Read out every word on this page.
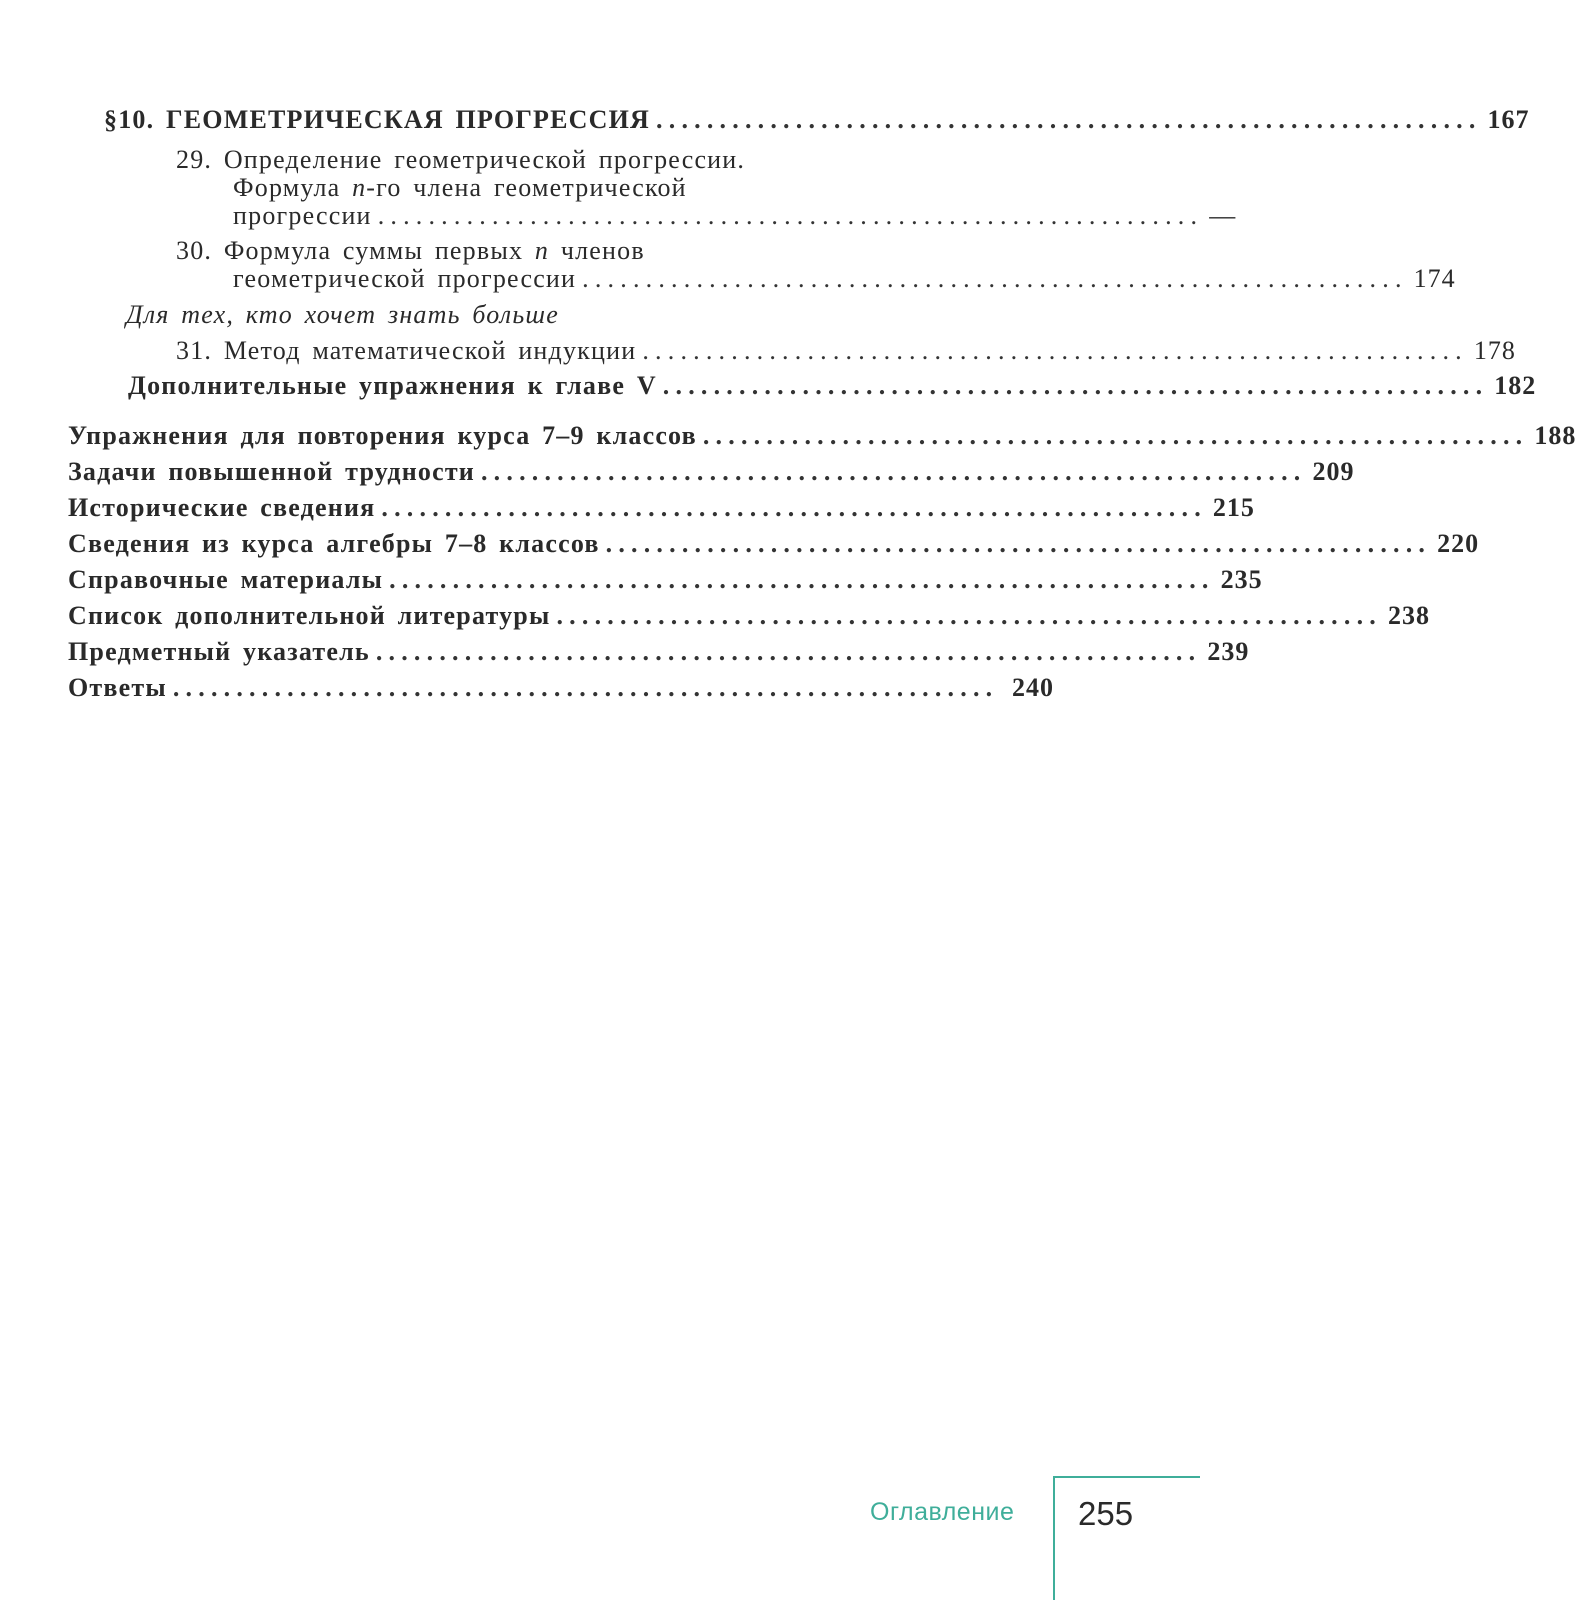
§10. ГЕОМЕТРИЧЕСКАЯ ПРОГРЕССИЯ ................................................................. 167
29. Определение геометрической прогрессии.
Формула n-го члена геометрической
прогрессии ................................................................. —
30. Формула суммы первых n членов
геометрической прогрессии ................................................................. 174
Для тех, кто хочет знать больше
31. Метод математической индукции ................................................................. 178
Дополнительные упражнения к главе V ................................................................. 182
Упражнения для повторения курса 7–9 классов ................................................................. 188
Задачи повышенной трудности ................................................................. 209
Исторические сведения ................................................................. 215
Сведения из курса алгебры 7–8 классов ................................................................. 220
Справочные материалы ................................................................. 235
Список дополнительной литературы ................................................................. 238
Предметный указатель ................................................................. 239
Ответы ................................................................. 240
Оглавление 255
